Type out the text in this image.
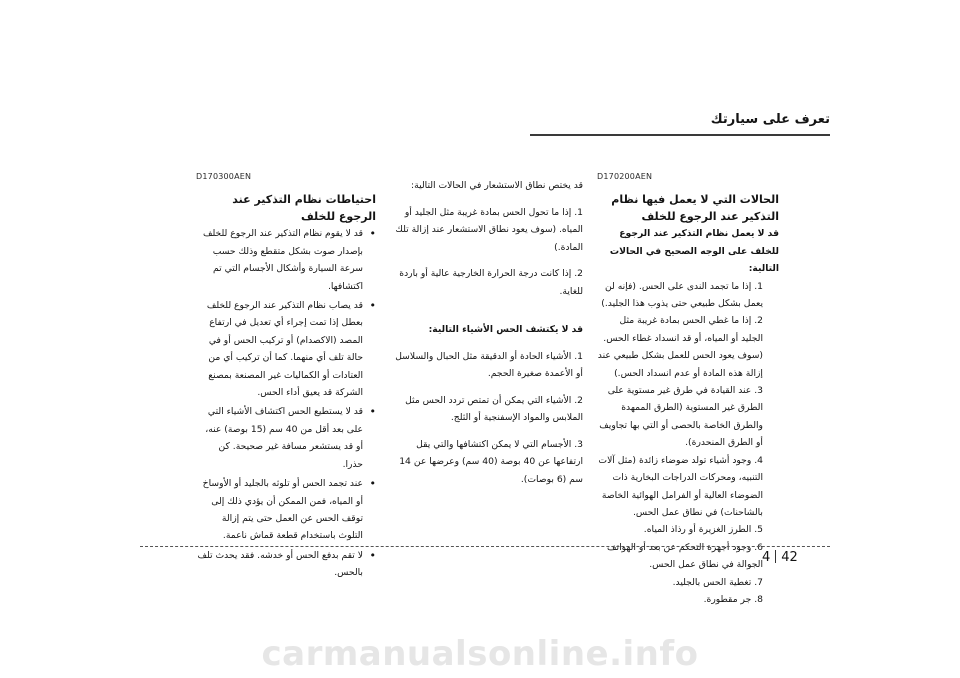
تعرف على سيارتك
D170200AEN

الحالات التي لا يعمل فيها نظام التذكير عند الرجوع للخلف

قد لا يعمل نظام التذكير عند الرجوع للخلف على الوجه الصحيح في الحالات التالية:

1. إذا ما تجمد الندى على الحس. (فإنه لن يعمل بشكل طبيعي حتى يذوب هذا الجليد.)
2. إذا ما غطي الحس بمادة غريبة مثل الجليد أو المياه، أو قد انسداد غطاء الحس. (سوف يعود الحس للعمل بشكل طبيعي عند إزالة هذه المادة أو عدم انسداد الحس.)
3. عند القيادة في طرق غير مستوية على الطرق غير المستوية (الطرق الممهدة والطرق الخاصة بالحصى أو التي بها تجاويف أو الطرق المنحدرة).
4. وجود أشياء تولد ضوضاء زائدة (مثل آلات التنبيه، ومحركات الدراجات البخارية ذات الضوضاء العالية أو الفرامل الهوائية الخاصة بالشاحنات) في نطاق عمل الحس.
5. الطرز الغزيرة أو رذاذ المياه.
6. وجود أجهزة التحكم عن بعد أو الهواتف الجوالة في نطاق عمل الحس.
7. تغطية الحس بالجليد.
8. جر مقطورة.

قد يختص نطاق الاستشعار في الحالات التالية:

1. إذا ما تحول الحس بمادة غريبة مثل الجليد أو المياه. (سوف يعود نطاق الاستشعار عند إزالة تلك المادة.)

2. إذا كانت درجة الحرارة الخارجية عالية أو باردة للغاية.

قد لا يكتشف الحس الأشياء التالية:

1. الأشياء الحادة أو الدقيقة مثل الحبال والسلاسل أو الأعمدة صغيرة الحجم.

2. الأشياء التي يمكن أن تمتص تردد الحس مثل الملابس والمواد الإسفنجية أو الثلج.

3. الأجسام التي لا يمكن اكتشافها والتي يقل ارتفاعها عن 40 بوصة (40 سم) وعرضها عن 14 سم (6 بوصات).

D170300AEN

احتياطات نظام التذكير عند الرجوع للخلف

• قد لا يقوم نظام التذكير عند الرجوع للخلف بإصدار صوت بشكل متقطع وذلك حسب سرعة السيارة وأشكال الأجسام التي تم اكتشافها.
• قد يصاب نظام التذكير عند الرجوع للخلف بعطل إذا تمت إجراء أي تعديل في ارتفاع المصد (الاكصدام) أو تركيب الحس أو في حالة تلف أي منهما. كما أن تركيب أي من العتادات أو الكماليات غير المصنعة بمصنع الشركة قد يعيق أداء الحس.
• قد لا يستطيع الحس اكتشاف الأشياء التي على بعد أقل من 40 سم (15 بوصة) عنه، أو قد يستشعر مسافة غير صحيحة. كن حذرا.
• عند تجمد الحس أو تلوثه بالجليد أو الأوساخ أو المياه، فمن الممكن أن يؤدي ذلك إلى توقف الحس عن العمل حتى يتم إزالة التلوث باستخدام قطعة قماش ناعمة.
• لا تقم بدفع الحس أو خدشه. فقد يحدث تلف بالحس.
4 42
carmanualsonline.info
